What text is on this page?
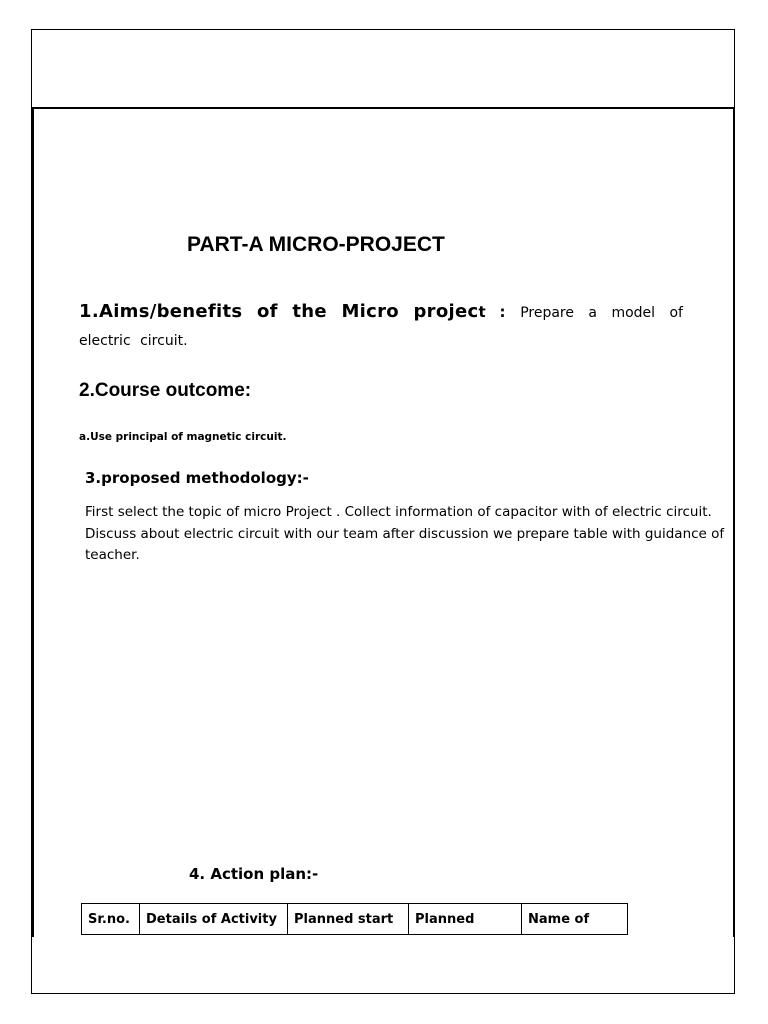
PART-A MICRO-PROJECT
1.Aims/benefits of the Micro project : Prepare a model of electric circuit.
2.Course outcome:
a.Use principal of magnetic circuit.
3.proposed methodology:-
First select the topic of micro Project . Collect information of capacitor with of electric circuit. Discuss about electric circuit with our team after discussion we prepare table with guidance of teacher.
4. Action plan:-
Sr.no.	Details of Activity	Planned start	Planned	Name of
